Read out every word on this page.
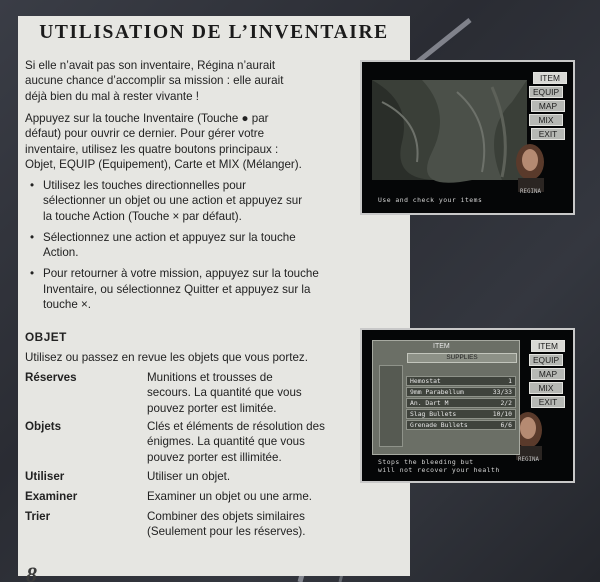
UTILISATION DE L’INVENTAIRE
Si elle n’avait pas son inventaire, Régina n’aurait
aucune chance d’accomplir sa mission : elle aurait
déjà bien du mal à rester vivante !
Appuyez sur la touche Inventaire (Touche ● par
défaut) pour ouvrir ce dernier. Pour gérer votre
inventaire, utilisez les quatre boutons principaux :
Objet, EQUIP (Equipement), Carte et MIX (Mélanger).
• Utilisez les touches directionnelles pour
sélectionner un objet ou une action et appuyez sur
la touche Action (Touche × par défaut).
• Sélectionnez une action et appuyez sur la touche
Action.
• Pour retourner à votre mission, appuyez sur la touche
Inventaire, ou sélectionnez Quitter et appuyez sur la
touche ×.
OBJET
Utilisez ou passez en revue les objets que vous portez.
Réserves	Munitions et trousses de
secours. La quantité que vous
pouvez porter est limitée.
Objets	Clés et éléments de résolution des
énigmes. La quantité que vous
pouvez porter est illimitée.
Utiliser	Utiliser un objet.
Examiner	Examiner un objet ou une arme.
Trier	Combiner des objets similaires
(Seulement pour les réserves).
8
ITEM
EQUIP
MAP
MIX
EXIT
REGINA
Use and check your items
ITEM
SUPPLIES
Hemostat	1
9mm Parabellum	33/33
An. Dart M	2/2
Slag Bullets	10/10
Grenade Bullets	6/6
ITEM
EQUIP
MAP
MIX
EXIT
REGINA
Stops the bleeding but
will not recover your health
